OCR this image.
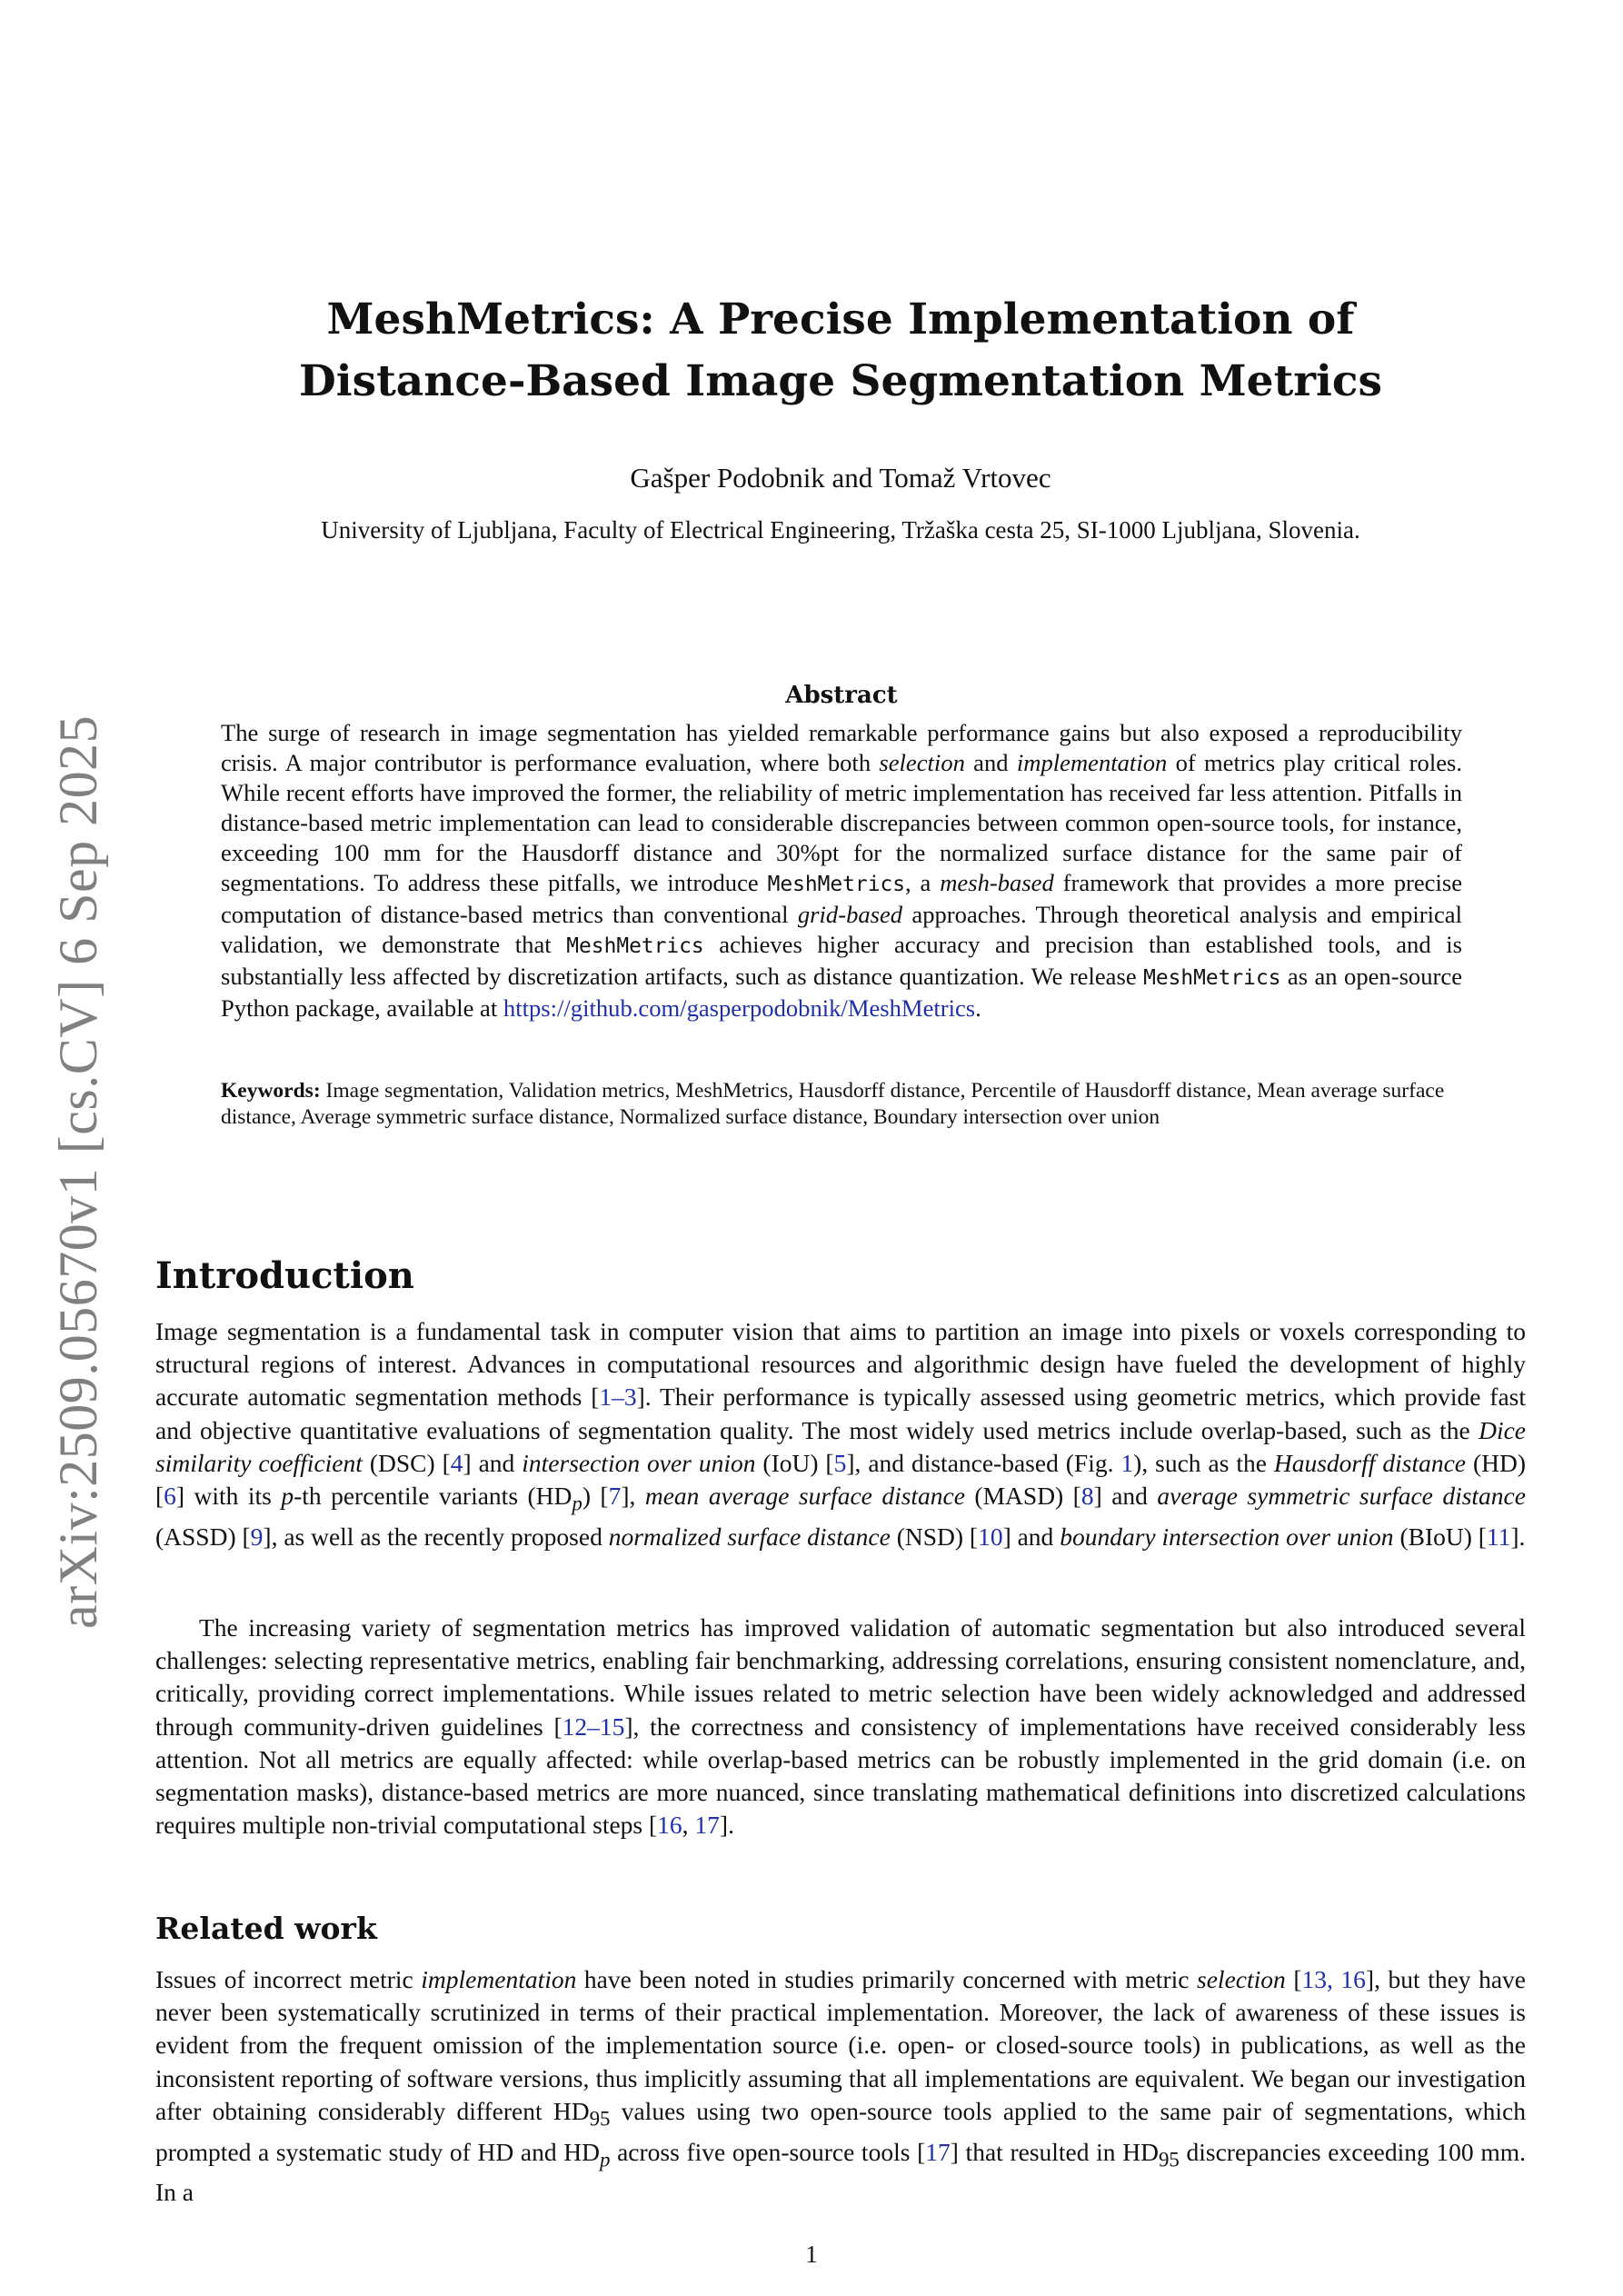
arXiv:2509.05670v1 [cs.CV] 6 Sep 2025
MeshMetrics: A Precise Implementation of
Distance-Based Image Segmentation Metrics
Gašper Podobnik and Tomaž Vrtovec
University of Ljubljana, Faculty of Electrical Engineering, Tržaška cesta 25, SI-1000 Ljubljana, Slovenia.
Abstract
The surge of research in image segmentation has yielded remarkable performance gains but also exposed a reproducibility crisis. A major contributor is performance evaluation, where both selection and implementation of metrics play critical roles. While recent efforts have improved the former, the reliability of metric implementation has received far less attention. Pitfalls in distance-based metric implementation can lead to considerable discrepancies between common open-source tools, for instance, exceeding 100 mm for the Hausdorff distance and 30%pt for the normalized surface distance for the same pair of segmentations. To address these pitfalls, we introduce MeshMetrics, a mesh-based framework that provides a more precise computation of distance-based metrics than conventional grid-based approaches. Through theoretical analysis and empirical validation, we demonstrate that MeshMetrics achieves higher accuracy and precision than established tools, and is substantially less affected by discretization artifacts, such as distance quantization. We release MeshMetrics as an open-source Python package, available at https://github.com/gasperpodobnik/MeshMetrics.
Keywords: Image segmentation, Validation metrics, MeshMetrics, Hausdorff distance, Percentile of Hausdorff distance, Mean average surface distance, Average symmetric surface distance, Normalized surface distance, Boundary intersection over union
Introduction
Image segmentation is a fundamental task in computer vision that aims to partition an image into pixels or voxels corresponding to structural regions of interest. Advances in computational resources and algorithmic design have fueled the development of highly accurate automatic segmentation methods [1–3]. Their performance is typically assessed using geometric metrics, which provide fast and objective quantitative evaluations of segmentation quality. The most widely used metrics include overlap-based, such as the Dice similarity coefficient (DSC) [4] and intersection over union (IoU) [5], and distance-based (Fig. 1), such as the Hausdorff distance (HD) [6] with its p-th percentile variants $(HD_p)$ [7], mean average surface distance (MASD) [8] and average symmetric surface distance (ASSD) [9], as well as the recently proposed normalized surface distance (NSD) [10] and boundary intersection over union (BIoU) [11].
The increasing variety of segmentation metrics has improved validation of automatic segmentation but also introduced several challenges: selecting representative metrics, enabling fair benchmarking, addressing correlations, ensuring consistent nomenclature, and, critically, providing correct implementations. While issues related to metric selection have been widely acknowledged and addressed through community-driven guidelines [12–15], the correctness and consistency of implementations have received considerably less attention. Not all metrics are equally affected: while overlap-based metrics can be robustly implemented in the grid domain (i.e. on segmentation masks), distance-based metrics are more nuanced, since translating mathematical definitions into discretized calculations requires multiple non-trivial computational steps [16, 17].
Related work
Issues of incorrect metric implementation have been noted in studies primarily concerned with metric selection [13, 16], but they have never been systematically scrutinized in terms of their practical implementation. Moreover, the lack of awareness of these issues is evident from the frequent omission of the implementation source (i.e. open- or closed-source tools) in publications, as well as the inconsistent reporting of software versions, thus implicitly assuming that all implementations are equivalent. We began our investigation after obtaining considerably different $HD_{95}$ values using two open-source tools applied to the same pair of segmentations, which prompted a systematic study of HD and $HD_p$ across five open-source tools [17] that resulted in $HD_{95}$ discrepancies exceeding 100 mm. In a
1
